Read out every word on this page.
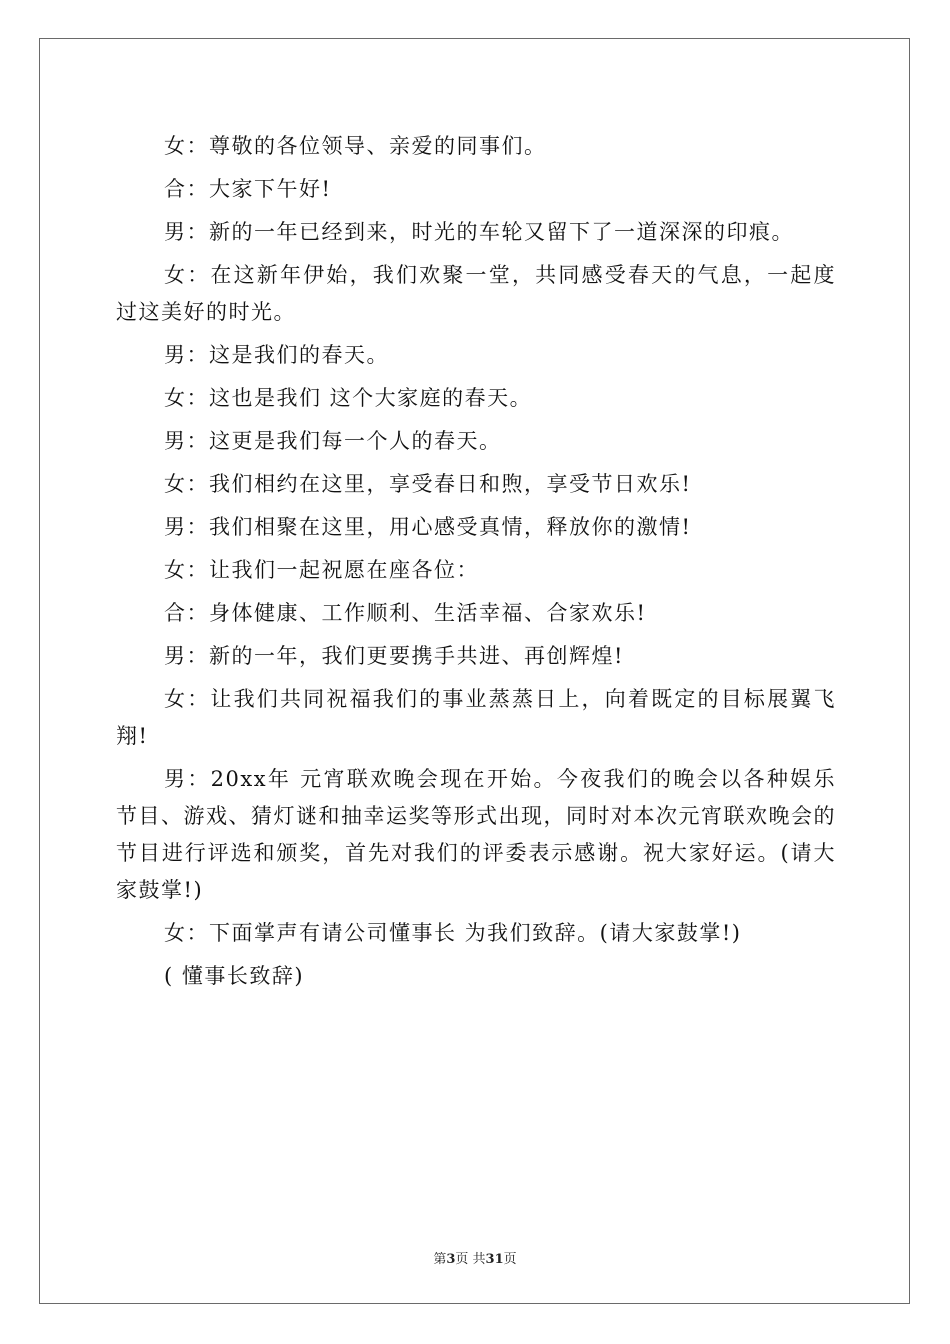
女：尊敬的各位领导、亲爱的同事们。

合：大家下午好!

男：新的一年已经到来，时光的车轮又留下了一道深深的印痕。

女：在这新年伊始，我们欢聚一堂，共同感受春天的气息，一起度过这美好的时光。

男：这是我们的春天。

女：这也是我们 这个大家庭的春天。

男：这更是我们每一个人的春天。

女：我们相约在这里，享受春日和煦，享受节日欢乐!

男：我们相聚在这里，用心感受真情，释放你的激情!

女：让我们一起祝愿在座各位：

合：身体健康、工作顺利、生活幸福、合家欢乐!

男：新的一年，我们更要携手共进、再创辉煌!

女：让我们共同祝福我们的事业蒸蒸日上，向着既定的目标展翼飞翔!

男：20xx年 元宵联欢晚会现在开始。今夜我们的晚会以各种娱乐节目、游戏、猜灯谜和抽幸运奖等形式出现，同时对本次元宵联欢晚会的节目进行评选和颁奖，首先对我们的评委表示感谢。祝大家好运。(请大家鼓掌!)

女：下面掌声有请公司懂事长 为我们致辞。(请大家鼓掌!)

( 懂事长致辞)

第3页 共31页
